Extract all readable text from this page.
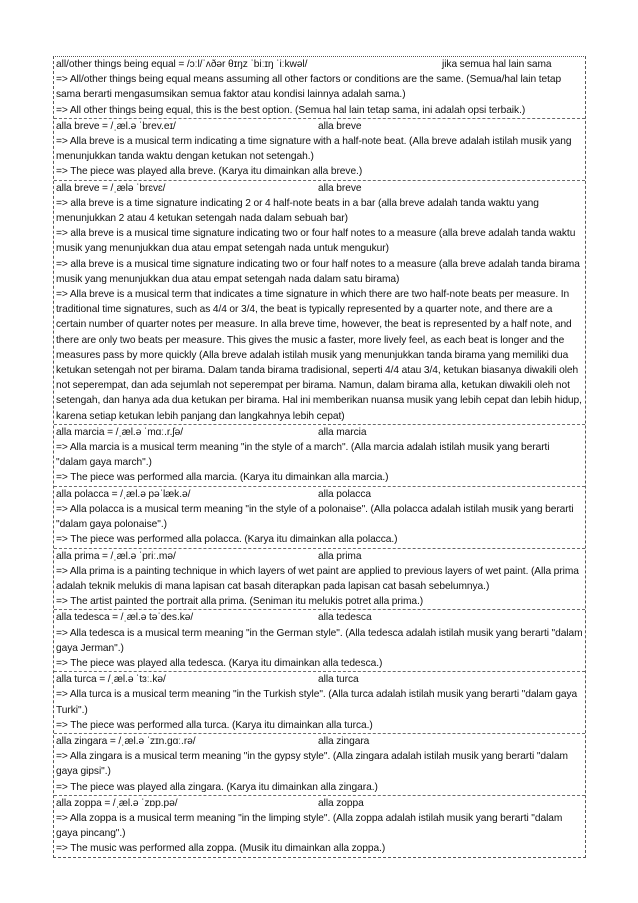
all/other things being equal = /ɔːl/ˈʌðər θɪŋz ˈbiːɪŋ ˈiːkwəl/	jika semua hal lain sama
=> All/other things being equal means assuming all other factors or conditions are the same. (Semua/hal lain tetap sama berarti mengasumsikan semua faktor atau kondisi lainnya adalah sama.)
=> All other things being equal, this is the best option. (Semua hal lain tetap sama, ini adalah opsi terbaik.)
alla breve = /ˌæl.ə ˈbrev.eɪ/	alla breve
=> Alla breve is a musical term indicating a time signature with a half-note beat. (Alla breve adalah istilah musik yang menunjukkan tanda waktu dengan ketukan not setengah.)
=> The piece was played alla breve. (Karya itu dimainkan alla breve.)
alla breve = /ˌælə ˈbrɛvɛ/	alla breve
=> alla breve is a time signature indicating 2 or 4 half-note beats in a bar (alla breve adalah tanda waktu yang menunjukkan 2 atau 4 ketukan setengah nada dalam sebuah bar)
=> alla breve is a musical time signature indicating two or four half notes to a measure (alla breve adalah tanda waktu musik yang menunjukkan dua atau empat setengah nada untuk mengukur)
=> alla breve is a musical time signature indicating two or four half notes to a measure (alla breve adalah tanda birama musik yang menunjukkan dua atau empat setengah nada dalam satu birama)
=> Alla breve is a musical term that indicates a time signature in which there are two half-note beats per measure. In traditional time signatures, such as 4/4 or 3/4, the beat is typically represented by a quarter note, and there are a certain number of quarter notes per measure. In alla breve time, however, the beat is represented by a half note, and there are only two beats per measure. This gives the music a faster, more lively feel, as each beat is longer and the measures pass by more quickly (Alla breve adalah istilah musik yang menunjukkan tanda birama yang memiliki dua ketukan setengah not per birama. Dalam tanda birama tradisional, seperti 4/4 atau 3/4, ketukan biasanya diwakili oleh not seperempat, dan ada sejumlah not seperempat per birama. Namun, dalam birama alla, ketukan diwakili oleh not setengah, dan hanya ada dua ketukan per birama. Hal ini memberikan nuansa musik yang lebih cepat dan lebih hidup, karena setiap ketukan lebih panjang dan langkahnya lebih cepat)
alla marcia = /ˌæl.ə ˈmɑː.r.ʃə/	alla marcia
=> Alla marcia is a musical term meaning "in the style of a march". (Alla marcia adalah istilah musik yang berarti "dalam gaya march".)
=> The piece was performed alla marcia. (Karya itu dimainkan alla marcia.)
alla polacca = /ˌæl.ə pəˈlæk.ə/	alla polacca
=> Alla polacca is a musical term meaning "in the style of a polonaise". (Alla polacca adalah istilah musik yang berarti "dalam gaya polonaise".)
=> The piece was performed alla polacca. (Karya itu dimainkan alla polacca.)
alla prima = /ˌæl.ə ˈpriː.mə/	alla prima
=> Alla prima is a painting technique in which layers of wet paint are applied to previous layers of wet paint. (Alla prima adalah teknik melukis di mana lapisan cat basah diterapkan pada lapisan cat basah sebelumnya.)
=> The artist painted the portrait alla prima. (Seniman itu melukis potret alla prima.)
alla tedesca = /ˌæl.ə təˈdes.kə/	alla tedesca
=> Alla tedesca is a musical term meaning "in the German style". (Alla tedesca adalah istilah musik yang berarti "dalam gaya Jerman".)
=> The piece was played alla tedesca. (Karya itu dimainkan alla tedesca.)
alla turca = /ˌæl.ə ˈtɜː.kə/	alla turca
=> Alla turca is a musical term meaning "in the Turkish style". (Alla turca adalah istilah musik yang berarti "dalam gaya Turki".)
=> The piece was performed alla turca. (Karya itu dimainkan alla turca.)
alla zingara = /ˌæl.ə ˈzɪn.ɡɑː.rə/	alla zingara
=> Alla zingara is a musical term meaning "in the gypsy style". (Alla zingara adalah istilah musik yang berarti "dalam gaya gipsi".)
=> The piece was played alla zingara. (Karya itu dimainkan alla zingara.)
alla zoppa = /ˌæl.ə ˈzɒp.pə/	alla zoppa
=> Alla zoppa is a musical term meaning "in the limping style". (Alla zoppa adalah istilah musik yang berarti "dalam gaya pincang".)
=> The music was performed alla zoppa. (Musik itu dimainkan alla zoppa.)
